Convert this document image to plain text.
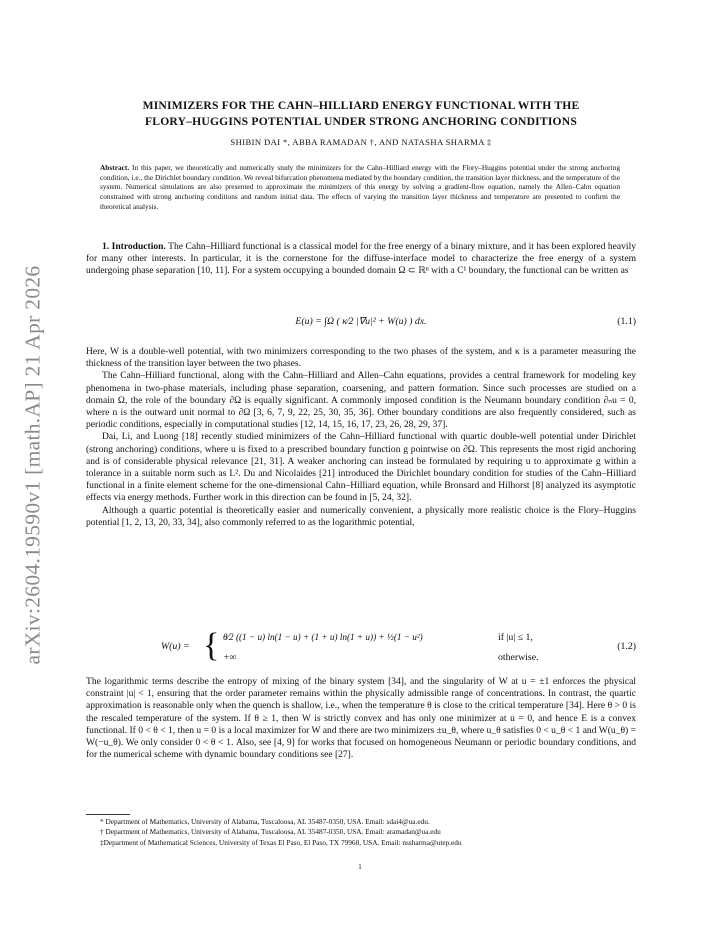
arXiv:2604.19590v1 [math.AP] 21 Apr 2026
MINIMIZERS FOR THE CAHN–HILLIARD ENERGY FUNCTIONAL WITH THE
FLORY–HUGGINS POTENTIAL UNDER STRONG ANCHORING CONDITIONS
SHIBIN DAI *, ABBA RAMADAN †, AND NATASHA SHARMA ‡
Abstract. In this paper, we theoretically and numerically study the minimizers for the Cahn–Hilliard energy with the Flory–Huggins potential under the strong anchoring condition, i.e., the Dirichlet boundary condition. We reveal bifurcation phenomena mediated by the boundary condition, the transition layer thickness, and the temperature of the system. Numerical simulations are also presented to approximate the minimizers of this energy by solving a gradient-flow equation, namely the Allen–Cahn equation constrained with strong anchoring conditions and random initial data. The effects of varying the transition layer thickness and temperature are presented to confirm the theoretical analysis.

1. Introduction. The Cahn–Hilliard functional is a classical model for the free energy of a binary mixture, and it has been explored heavily for many other interests. In particular, it is the cornerstone for the diffuse-interface model to characterize the free energy of a system undergoing phase separation [10, 11]. For a system occupying a bounded domain Ω ⊂ ℝⁿ with a C¹ boundary, the functional can be written as

E(u) = ∫Ω ( κ⁄2 |∇u|² + W(u) ) dx.	(1.1)

Here, W is a double-well potential, with two minimizers corresponding to the two phases of the system, and κ is a parameter measuring the thickness of the transition layer between the two phases.

The Cahn–Hilliard functional, along with the Cahn–Hilliard and Allen–Cahn equations, provides a central framework for modeling key phenomena in two-phase materials, including phase separation, coarsening, and pattern formation. Since such processes are studied on a domain Ω, the role of the boundary ∂Ω is equally significant. A commonly imposed condition is the Neumann boundary condition ∂ₙu = 0, where n is the outward unit normal to ∂Ω [3, 6, 7, 9, 22, 25, 30, 35, 36]. Other boundary conditions are also frequently considered, such as periodic conditions, especially in computational studies [12, 14, 15, 16, 17, 23, 26, 28, 29, 37].

Dai, Li, and Luong [18] recently studied minimizers of the Cahn–Hilliard functional with quartic double-well potential under Dirichlet (strong anchoring) conditions, where u is fixed to a prescribed boundary function g pointwise on ∂Ω. This represents the most rigid anchoring and is of considerable physical relevance [21, 31]. A weaker anchoring can instead be formulated by requiring u to approximate g within a tolerance in a suitable norm such as L². Du and Nicolaides [21] introduced the Dirichlet boundary condition for studies of the Cahn–Hilliard functional in a finite element scheme for the one-dimensional Cahn–Hilliard equation, while Bronsard and Hilhorst [8] analyzed its asymptotic effects via energy methods. Further work in this direction can be found in [5, 24, 32].

Although a quartic potential is theoretically easier and numerically convenient, a physically more realistic choice is the Flory–Huggins potential [1, 2, 13, 20, 33, 34], also commonly referred to as the logarithmic potential,

W(u) = { θ⁄2 ((1 − u) ln(1 − u) + (1 + u) ln(1 + u)) + ½(1 − u²)	if |u| ≤ 1,
+∞	otherwise.
(1.2)

The logarithmic terms describe the entropy of mixing of the binary system [34], and the singularity of W at u = ±1 enforces the physical constraint |u| < 1, ensuring that the order parameter remains within the physically admissible range of concentrations. In contrast, the quartic approximation is reasonable only when the quench is shallow, i.e., when the temperature θ is close to the critical temperature [34]. Here θ > 0 is the rescaled temperature of the system. If θ ≥ 1, then W is strictly convex and has only one minimizer at u = 0, and hence E is a convex functional. If 0 < θ < 1, then u = 0 is a local maximizer for W and there are two minimizers ±u_θ, where u_θ satisfies 0 < u_θ < 1 and W(u_θ) = W(−u_θ). We only consider 0 < θ < 1. Also, see [4, 9] for works that focused on homogeneous Neumann or periodic boundary conditions, and for the numerical scheme with dynamic boundary conditions see [27].

* Department of Mathematics, University of Alabama, Tuscaloosa, AL 35487-0350, USA. Email: sdai4@ua.edu.
† Department of Mathematics, University of Alabama, Tuscaloosa, AL 35487-0350, USA. Email: aramadan@ua.edu
‡Department of Mathematical Sciences, University of Texas El Paso, El Paso, TX 79968, USA. Email: nssharma@utep.edu
1
